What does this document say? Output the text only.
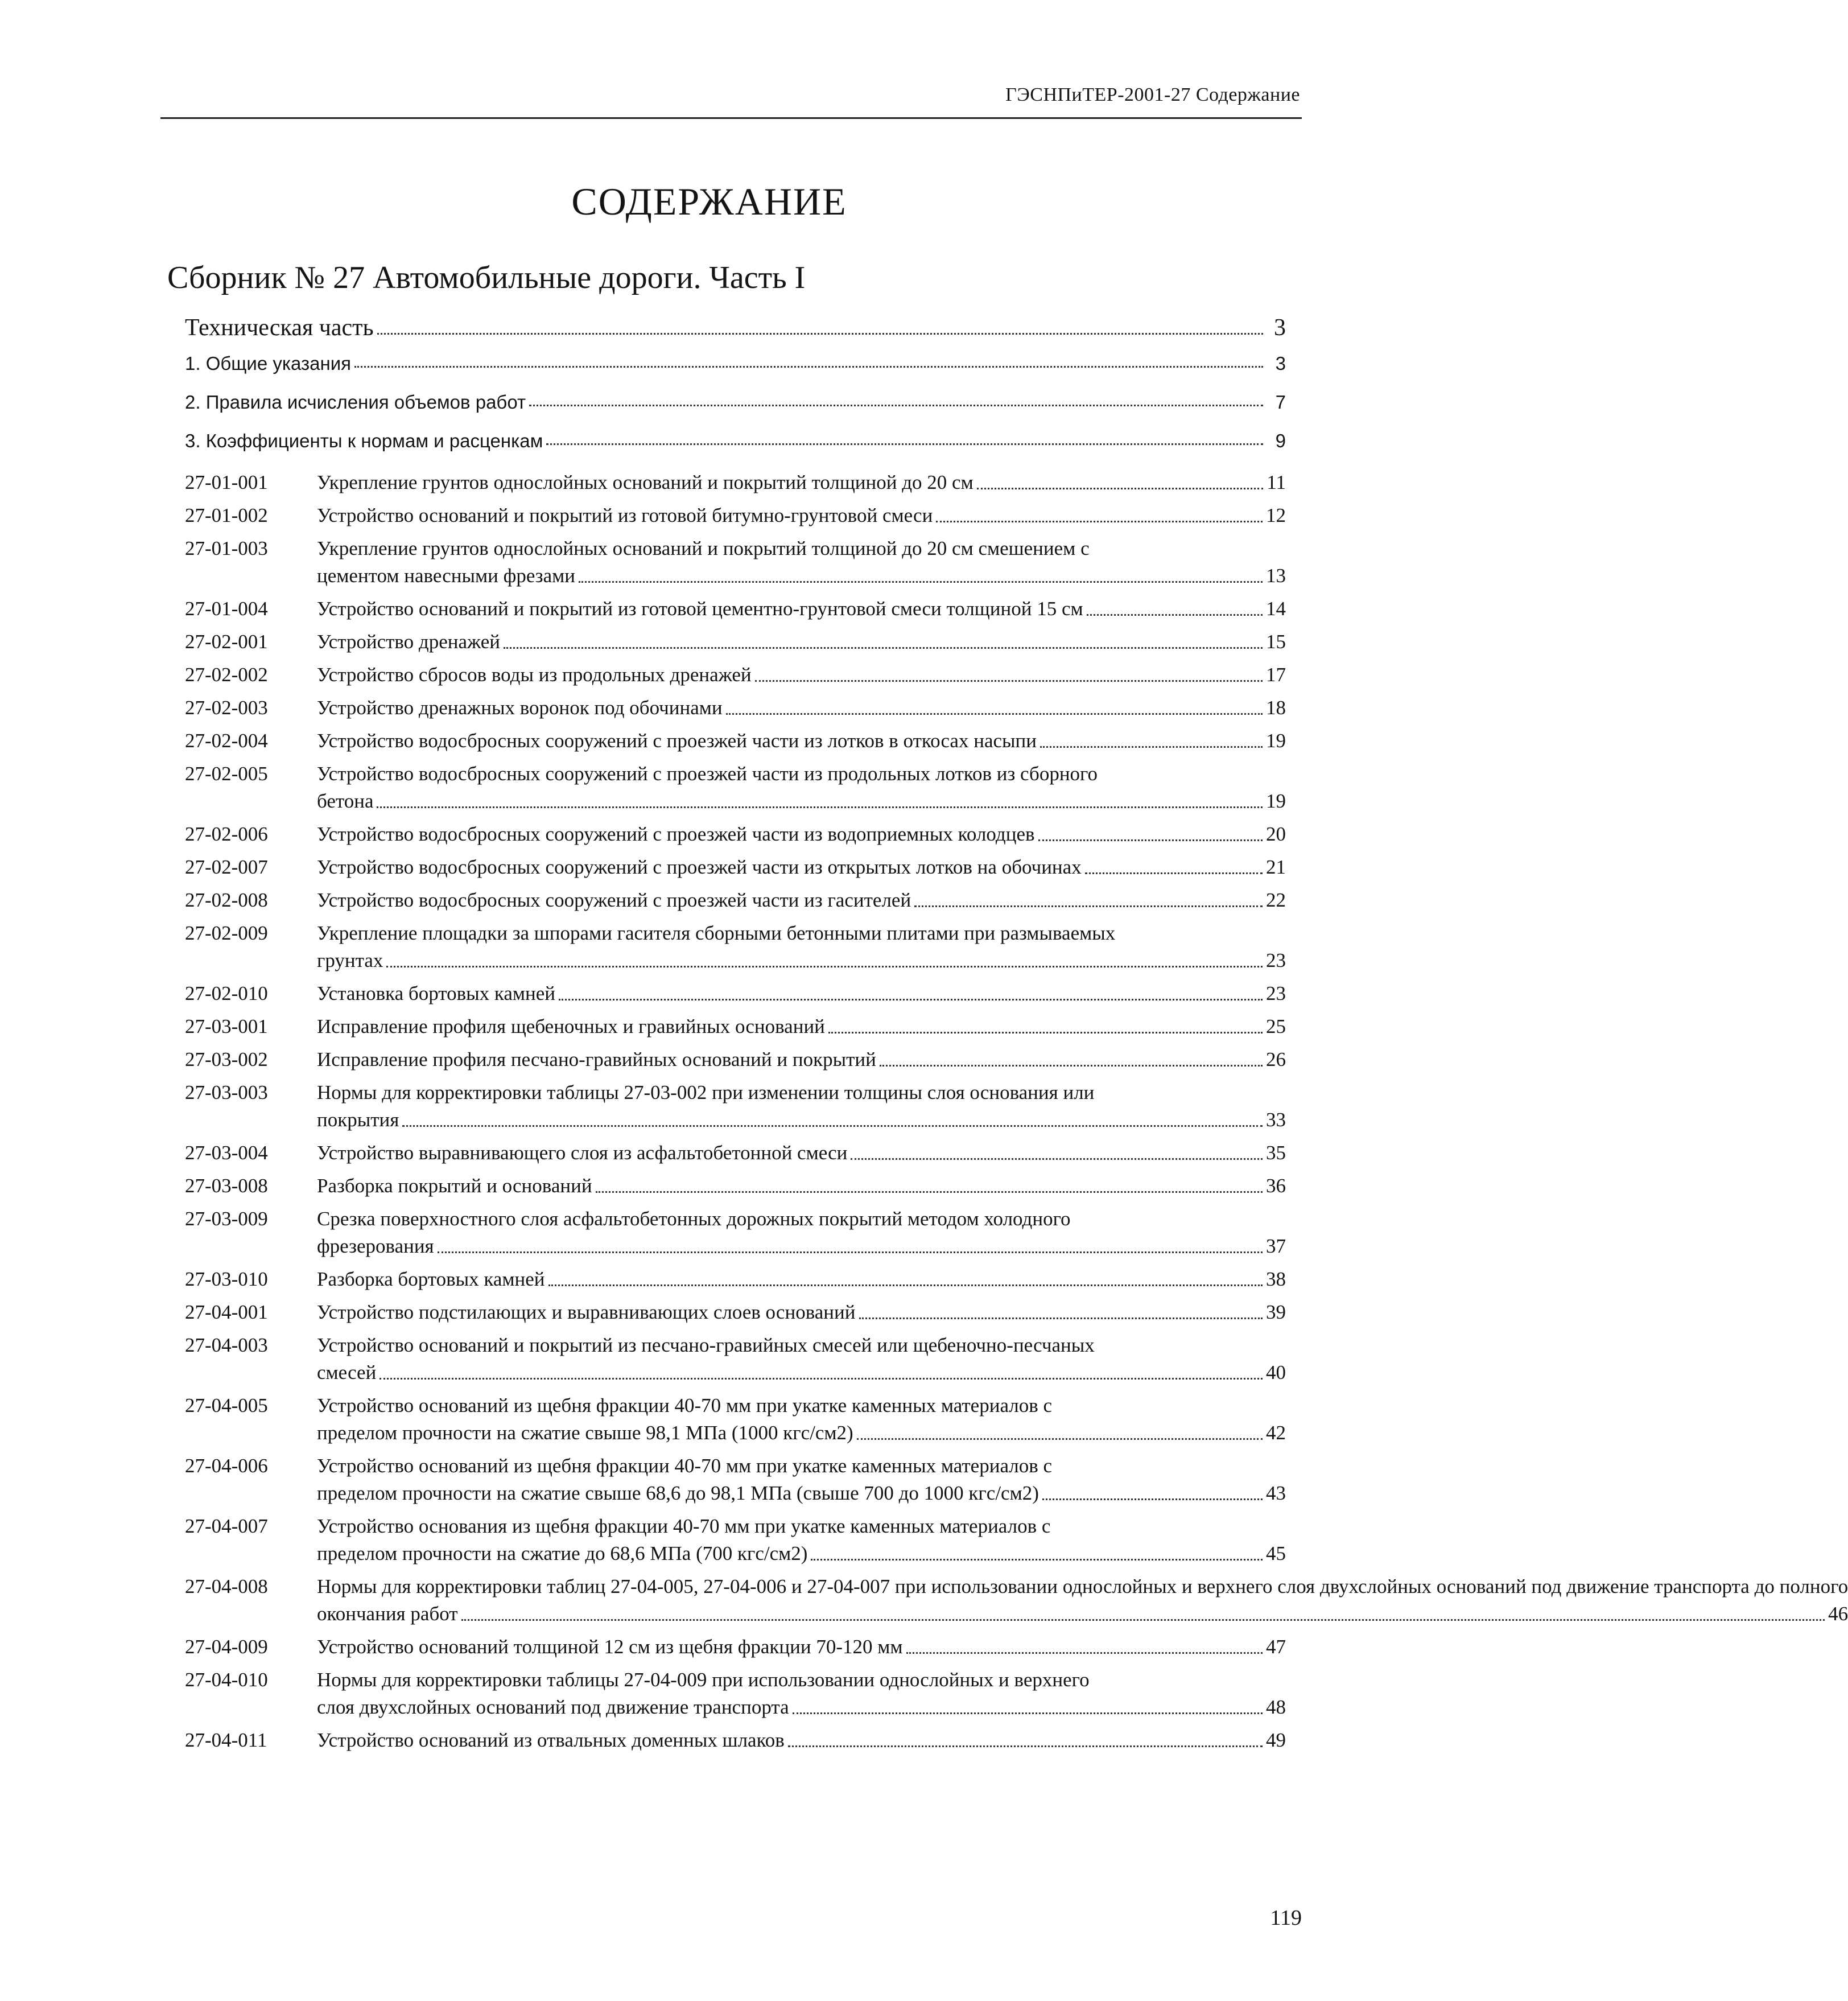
ГЭСНПиТЕР-2001-27 Содержание
СОДЕРЖАНИЕ
Сборник № 27 Автомобильные дороги. Часть I
Техническая часть	3
1. Общие указания	3
2. Правила исчисления объемов работ	7
3. Коэффициенты к нормам и расценкам	9
27-01-001	Укрепление грунтов однослойных оснований и покрытий толщиной до 20 см	11
27-01-002	Устройство оснований и покрытий из готовой битумно-грунтовой смеси	12
27-01-003	Укрепление грунтов однослойных оснований и покрытий толщиной до 20 см смешением с
цементом навесными фрезами	13
27-01-004	Устройство оснований и покрытий из готовой цементно-грунтовой смеси толщиной 15 см	14
27-02-001	Устройство дренажей	15
27-02-002	Устройство сбросов воды из продольных дренажей	17
27-02-003	Устройство дренажных воронок под обочинами	18
27-02-004	Устройство водосбросных сооружений с проезжей части из лотков в откосах насыпи	19
27-02-005	Устройство водосбросных сооружений с проезжей части из продольных лотков из сборного
бетона	19
27-02-006	Устройство водосбросных сооружений с проезжей части из водоприемных колодцев	20
27-02-007	Устройство водосбросных сооружений с проезжей части из открытых лотков на обочинах	21
27-02-008	Устройство водосбросных сооружений с проезжей части из гасителей	22
27-02-009	Укрепление площадки за шпорами гасителя сборными бетонными плитами при размываемых
грунтах	23
27-02-010	Установка бортовых камней	23
27-03-001	Исправление профиля щебеночных и гравийных оснований	25
27-03-002	Исправление профиля песчано-гравийных оснований и покрытий	26
27-03-003	Нормы для корректировки таблицы 27-03-002 при изменении толщины слоя основания или
покрытия	33
27-03-004	Устройство выравнивающего слоя из асфальтобетонной смеси	35
27-03-008	Разборка покрытий и оснований	36
27-03-009	Срезка поверхностного слоя асфальтобетонных дорожных покрытий методом холодного
фрезерования	37
27-03-010	Разборка бортовых камней	38
27-04-001	Устройство подстилающих и выравнивающих слоев оснований	39
27-04-003	Устройство оснований и покрытий из песчано-гравийных смесей или щебеночно-песчаных
смесей	40
27-04-005	Устройство оснований из щебня фракции 40-70 мм при укатке каменных материалов с
пределом прочности на сжатие свыше 98,1 МПа (1000 кгс/см2)	42
27-04-006	Устройство оснований из щебня фракции 40-70 мм при укатке каменных материалов с
пределом прочности на сжатие свыше 68,6 до 98,1 МПа (свыше 700 до 1000 кгс/см2)	43
27-04-007	Устройство основания из щебня фракции 40-70 мм при укатке каменных материалов с
пределом прочности на сжатие до 68,6 МПа (700 кгс/см2)	45
27-04-008	Нормы для корректировки таблиц 27-04-005, 27-04-006 и 27-04-007 при использовании однослойных и верхнего слоя двухслойных оснований под движение транспорта до полного
окончания работ	46
27-04-009	Устройство оснований толщиной 12 см из щебня фракции 70-120 мм	47
27-04-010	Нормы для корректировки таблицы 27-04-009 при использовании однослойных и верхнего
слоя двухслойных оснований под движение транспорта	48
27-04-011	Устройство оснований из отвальных доменных шлаков	49
119
